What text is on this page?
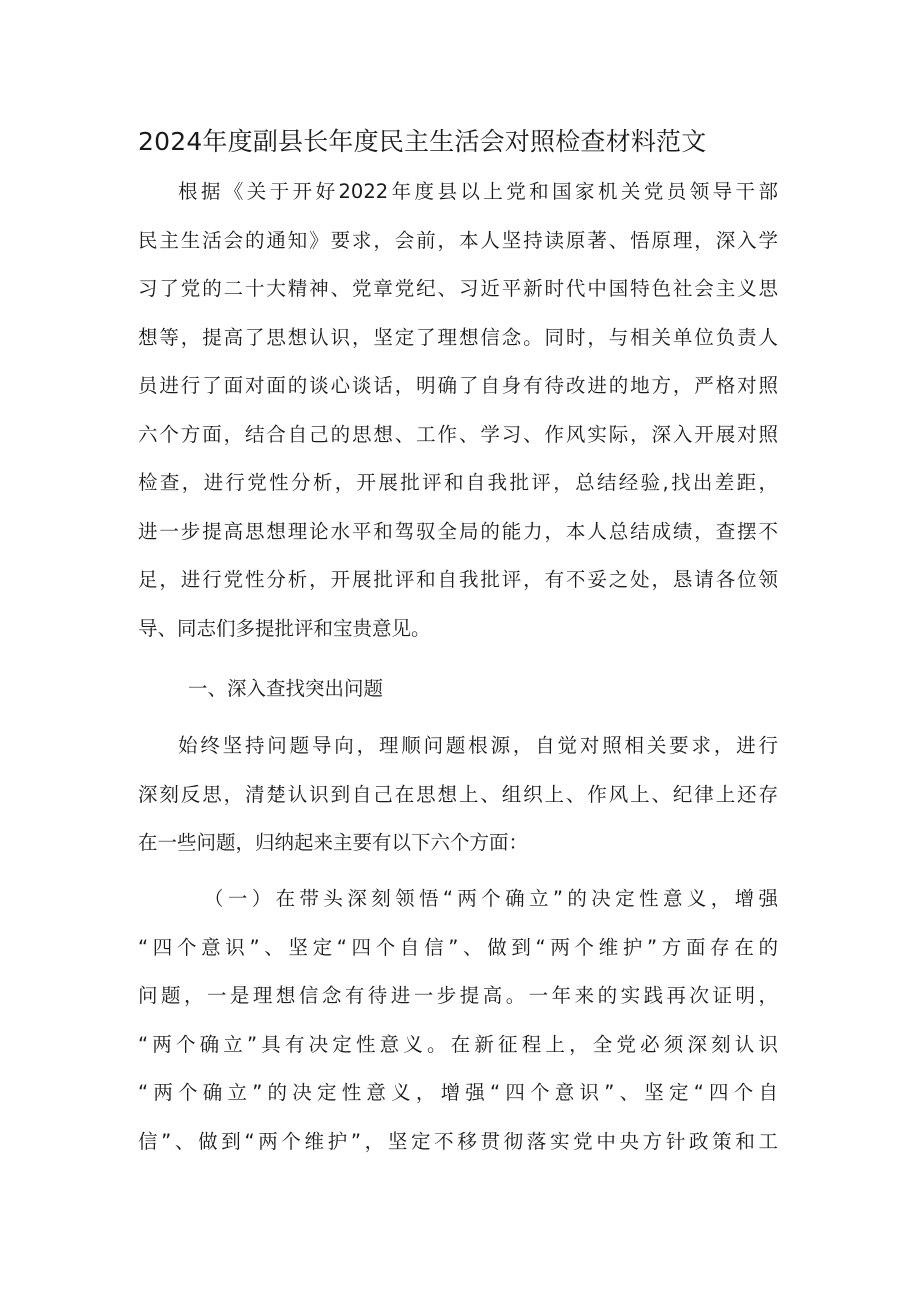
2024年度副县长年度民主生活会对照检查材料范文
根据《关于开好2022年度县以上党和国家机关党员领导干部
民主生活会的通知》要求，会前，本人坚持读原著、悟原理，深入学
习了党的二十大精神、党章党纪、习近平新时代中国特色社会主义思
想等，提高了思想认识，坚定了理想信念。同时，与相关单位负责人
员进行了面对面的谈心谈话，明确了自身有待改进的地方，严格对照
六个方面，结合自己的思想、工作、学习、作风实际，深入开展对照
检查，进行党性分析，开展批评和自我批评，总结经验,找出差距，
进一步提高思想理论水平和驾驭全局的能力，本人总结成绩，查摆不
足，进行党性分析，开展批评和自我批评，有不妥之处，恳请各位领
导、同志们多提批评和宝贵意见。
一、深入查找突出问题
始终坚持问题导向，理顺问题根源，自觉对照相关要求，进行
深刻反思，清楚认识到自己在思想上、组织上、作风上、纪律上还存
在一些问题，归纳起来主要有以下六个方面：
（一）在带头深刻领悟“两个确立”的决定性意义，增强
“四个意识”、坚定“四个自信”、做到“两个维护”方面存在的
问题，一是理想信念有待进一步提高。一年来的实践再次证明，
“两个确立”具有决定性意义。在新征程上，全党必须深刻认识
“两个确立”的决定性意义，增强“四个意识”、坚定“四个自
信”、做到“两个维护”，坚定不移贯彻落实党中央方针政策和工
